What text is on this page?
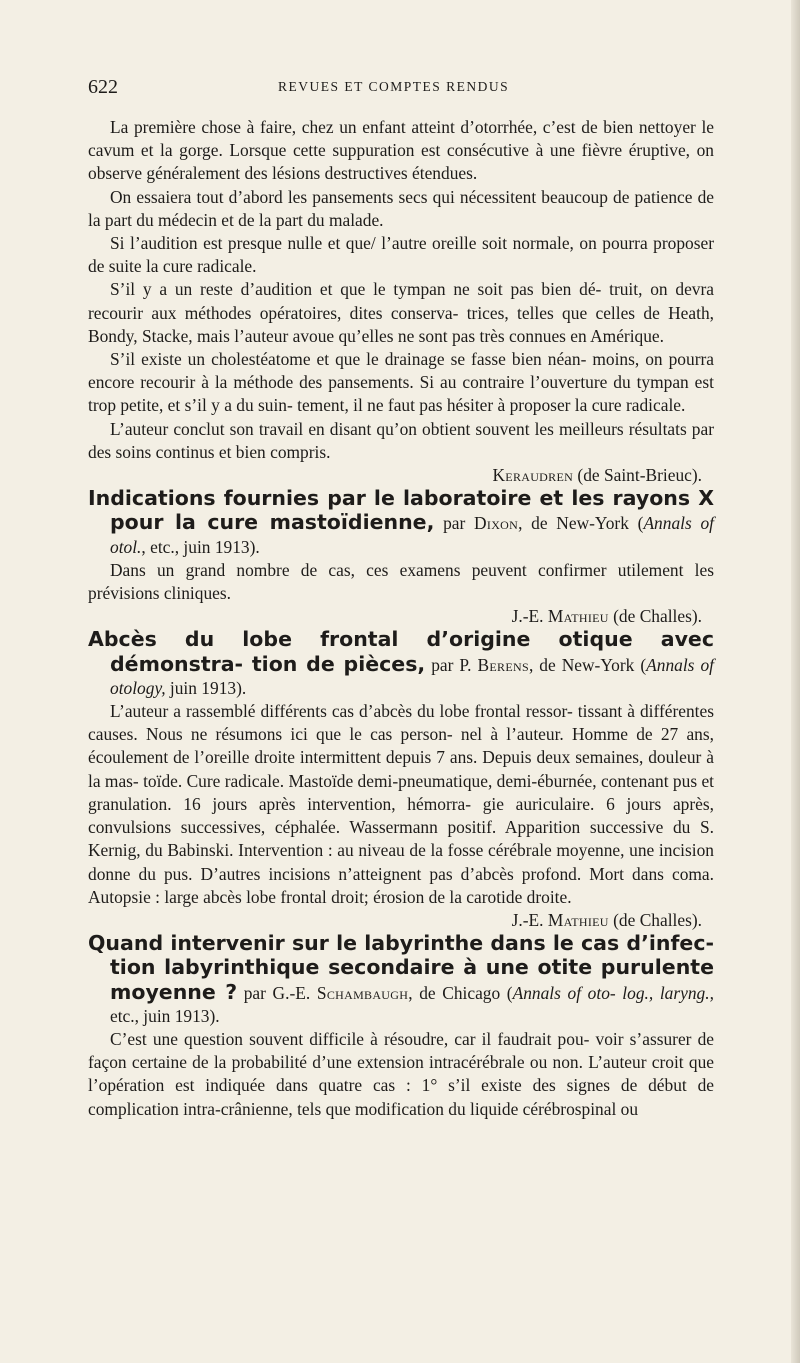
622	REVUES ET COMPTES RENDUS

La première chose à faire, chez un enfant atteint d’otorrhée, c’est de bien nettoyer le cavum et la gorge. Lorsque cette suppuration est consécutive à une fièvre éruptive, on observe généralement des lésions destructives étendues.

On essaiera tout d’abord les pansements secs qui nécessitent beaucoup de patience de la part du médecin et de la part du malade.

Si l’audition est presque nulle et que/ l’autre oreille soit normale, on pourra proposer de suite la cure radicale.

S’il y a un reste d’audition et que le tympan ne soit pas bien dé- truit, on devra recourir aux méthodes opératoires, dites conserva- trices, telles que celles de Heath, Bondy, Stacke, mais l’auteur avoue qu’elles ne sont pas très connues en Amérique.

S’il existe un cholestéatome et que le drainage se fasse bien néan- moins, on pourra encore recourir à la méthode des pansements. Si au contraire l’ouverture du tympan est trop petite, et s’il y a du suin- tement, il ne faut pas hésiter à proposer la cure radicale.

L’auteur conclut son travail en disant qu’on obtient souvent les meilleurs résultats par des soins continus et bien compris.

Keraudren (de Saint-Brieuc).

Indications fournies par le laboratoire et les rayons X pour la cure mastoïdienne, par Dixon, de New-York (Annals of otol., etc., juin 1913).

Dans un grand nombre de cas, ces examens peuvent confirmer utilement les prévisions cliniques.

J.-E. Mathieu (de Challes).

Abcès du lobe frontal d’origine otique avec démonstra- tion de pièces, par P. Berens, de New-York (Annals of otology, juin 1913).

L’auteur a rassemblé différents cas d’abcès du lobe frontal ressor- tissant à différentes causes. Nous ne résumons ici que le cas person- nel à l’auteur. Homme de 27 ans, écoulement de l’oreille droite intermittent depuis 7 ans. Depuis deux semaines, douleur à la mas- toïde. Cure radicale. Mastoïde demi-pneumatique, demi-éburnée, contenant pus et granulation. 16 jours après intervention, hémorra- gie auriculaire. 6 jours après, convulsions successives, céphalée. Wassermann positif. Apparition successive du S. Kernig, du Babinski. Intervention : au niveau de la fosse cérébrale moyenne, une incision donne du pus. D’autres incisions n’atteignent pas d’abcès profond. Mort dans coma. Autopsie : large abcès lobe frontal droit; érosion de la carotide droite.

J.-E. Mathieu (de Challes).

Quand intervenir sur le labyrinthe dans le cas d’infec- tion labyrinthique secondaire à une otite purulente moyenne ? par G.-E. Schambaugh, de Chicago (Annals of oto- log., laryng., etc., juin 1913).

C’est une question souvent difficile à résoudre, car il faudrait pou- voir s’assurer de façon certaine de la probabilité d’une extension intracérébrale ou non. L’auteur croit que l’opération est indiquée dans quatre cas : 1° s’il existe des signes de début de complication intra-crânienne, tels que modification du liquide cérébrospinal ou
